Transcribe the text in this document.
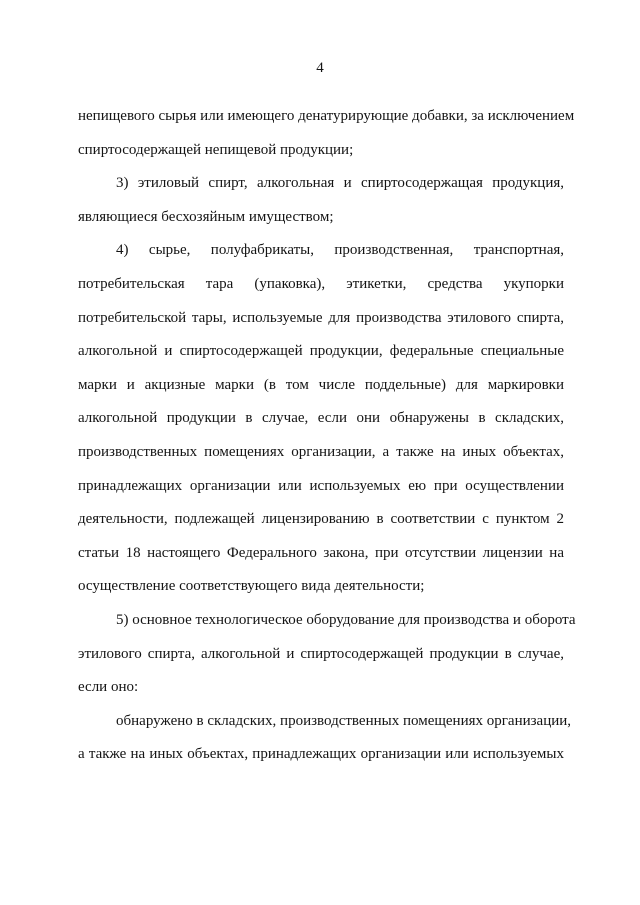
4
непищевого сырья или имеющего денатурирующие добавки, за исключением
спиртосодержащей непищевой продукции;
3) этиловый спирт, алкогольная и спиртосодержащая продукция,
являющиеся бесхозяйным имуществом;
4) сырье, полуфабрикаты, производственная, транспортная,
потребительская тара (упаковка), этикетки, средства укупорки
потребительской тары, используемые для производства этилового спирта,
алкогольной и спиртосодержащей продукции, федеральные специальные
марки и акцизные марки (в том числе поддельные) для маркировки
алкогольной продукции в случае, если они обнаружены в складских,
производственных помещениях организации, а также на иных объектах,
принадлежащих организации или используемых ею при осуществлении
деятельности, подлежащей лицензированию в соответствии с пунктом 2
статьи 18 настоящего Федерального закона, при отсутствии лицензии на
осуществление соответствующего вида деятельности;
5) основное технологическое оборудование для производства и оборота
этилового спирта, алкогольной и спиртосодержащей продукции в случае,
если оно:
обнаружено в складских, производственных помещениях организации,
а также на иных объектах, принадлежащих организации или используемых
